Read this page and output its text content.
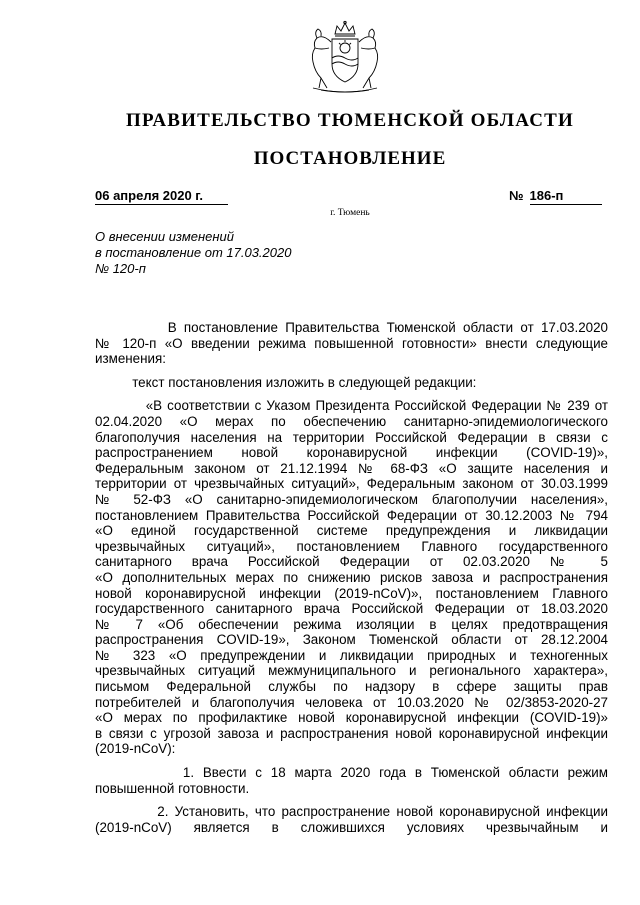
ПРАВИТЕЛЬСТВО ТЮМЕНСКОЙ ОБЛАСТИ
ПОСТАНОВЛЕНИЕ
06 апреля 2020 г.	№ 186-п
г. Тюмень
О внесении изменений
в постановление от 17.03.2020
№ 120-п

В постановление Правительства Тюменской области от 17.03.2020
№ 120-п «О введении режима повышенной готовности» внести следующие
изменения:

текст постановления изложить в следующей редакции:

«В соответствии с Указом Президента Российской Федерации № 239 от
02.04.2020 «О мерах по обеспечению санитарно-эпидемиологического
благополучия населения на территории Российской Федерации в связи с
распространением новой коронавирусной инфекции (COVID-19)»,
Федеральным законом от 21.12.1994 № 68-ФЗ «О защите населения и
территории от чрезвычайных ситуаций», Федеральным законом от 30.03.1999
№ 52-ФЗ «О санитарно-эпидемиологическом благополучии населения»,
постановлением Правительства Российской Федерации от 30.12.2003 № 794
«О единой государственной системе предупреждения и ликвидации
чрезвычайных ситуаций», постановлением Главного государственного
санитарного врача Российской Федерации от 02.03.2020 № 5
«О дополнительных мерах по снижению рисков завоза и распространения
новой коронавирусной инфекции (2019-nCoV)», постановлением Главного
государственного санитарного врача Российской Федерации от 18.03.2020
№ 7 «Об обеспечении режима изоляции в целях предотвращения
распространения COVID-19», Законом Тюменской области от 28.12.2004
№ 323 «О предупреждении и ликвидации природных и техногенных
чрезвычайных ситуаций межмуниципального и регионального характера»,
письмом Федеральной службы по надзору в сфере защиты прав
потребителей и благополучия человека от 10.03.2020 № 02/3853-2020-27
«О мерах по профилактике новой коронавирусной инфекции (COVID-19)»
в связи с угрозой завоза и распространения новой коронавирусной инфекции
(2019-nCoV):

1. Ввести с 18 марта 2020 года в Тюменской области режим
повышенной готовности.

2. Установить, что распространение новой коронавирусной инфекции
(2019-nCoV) является в сложившихся условиях чрезвычайным и
